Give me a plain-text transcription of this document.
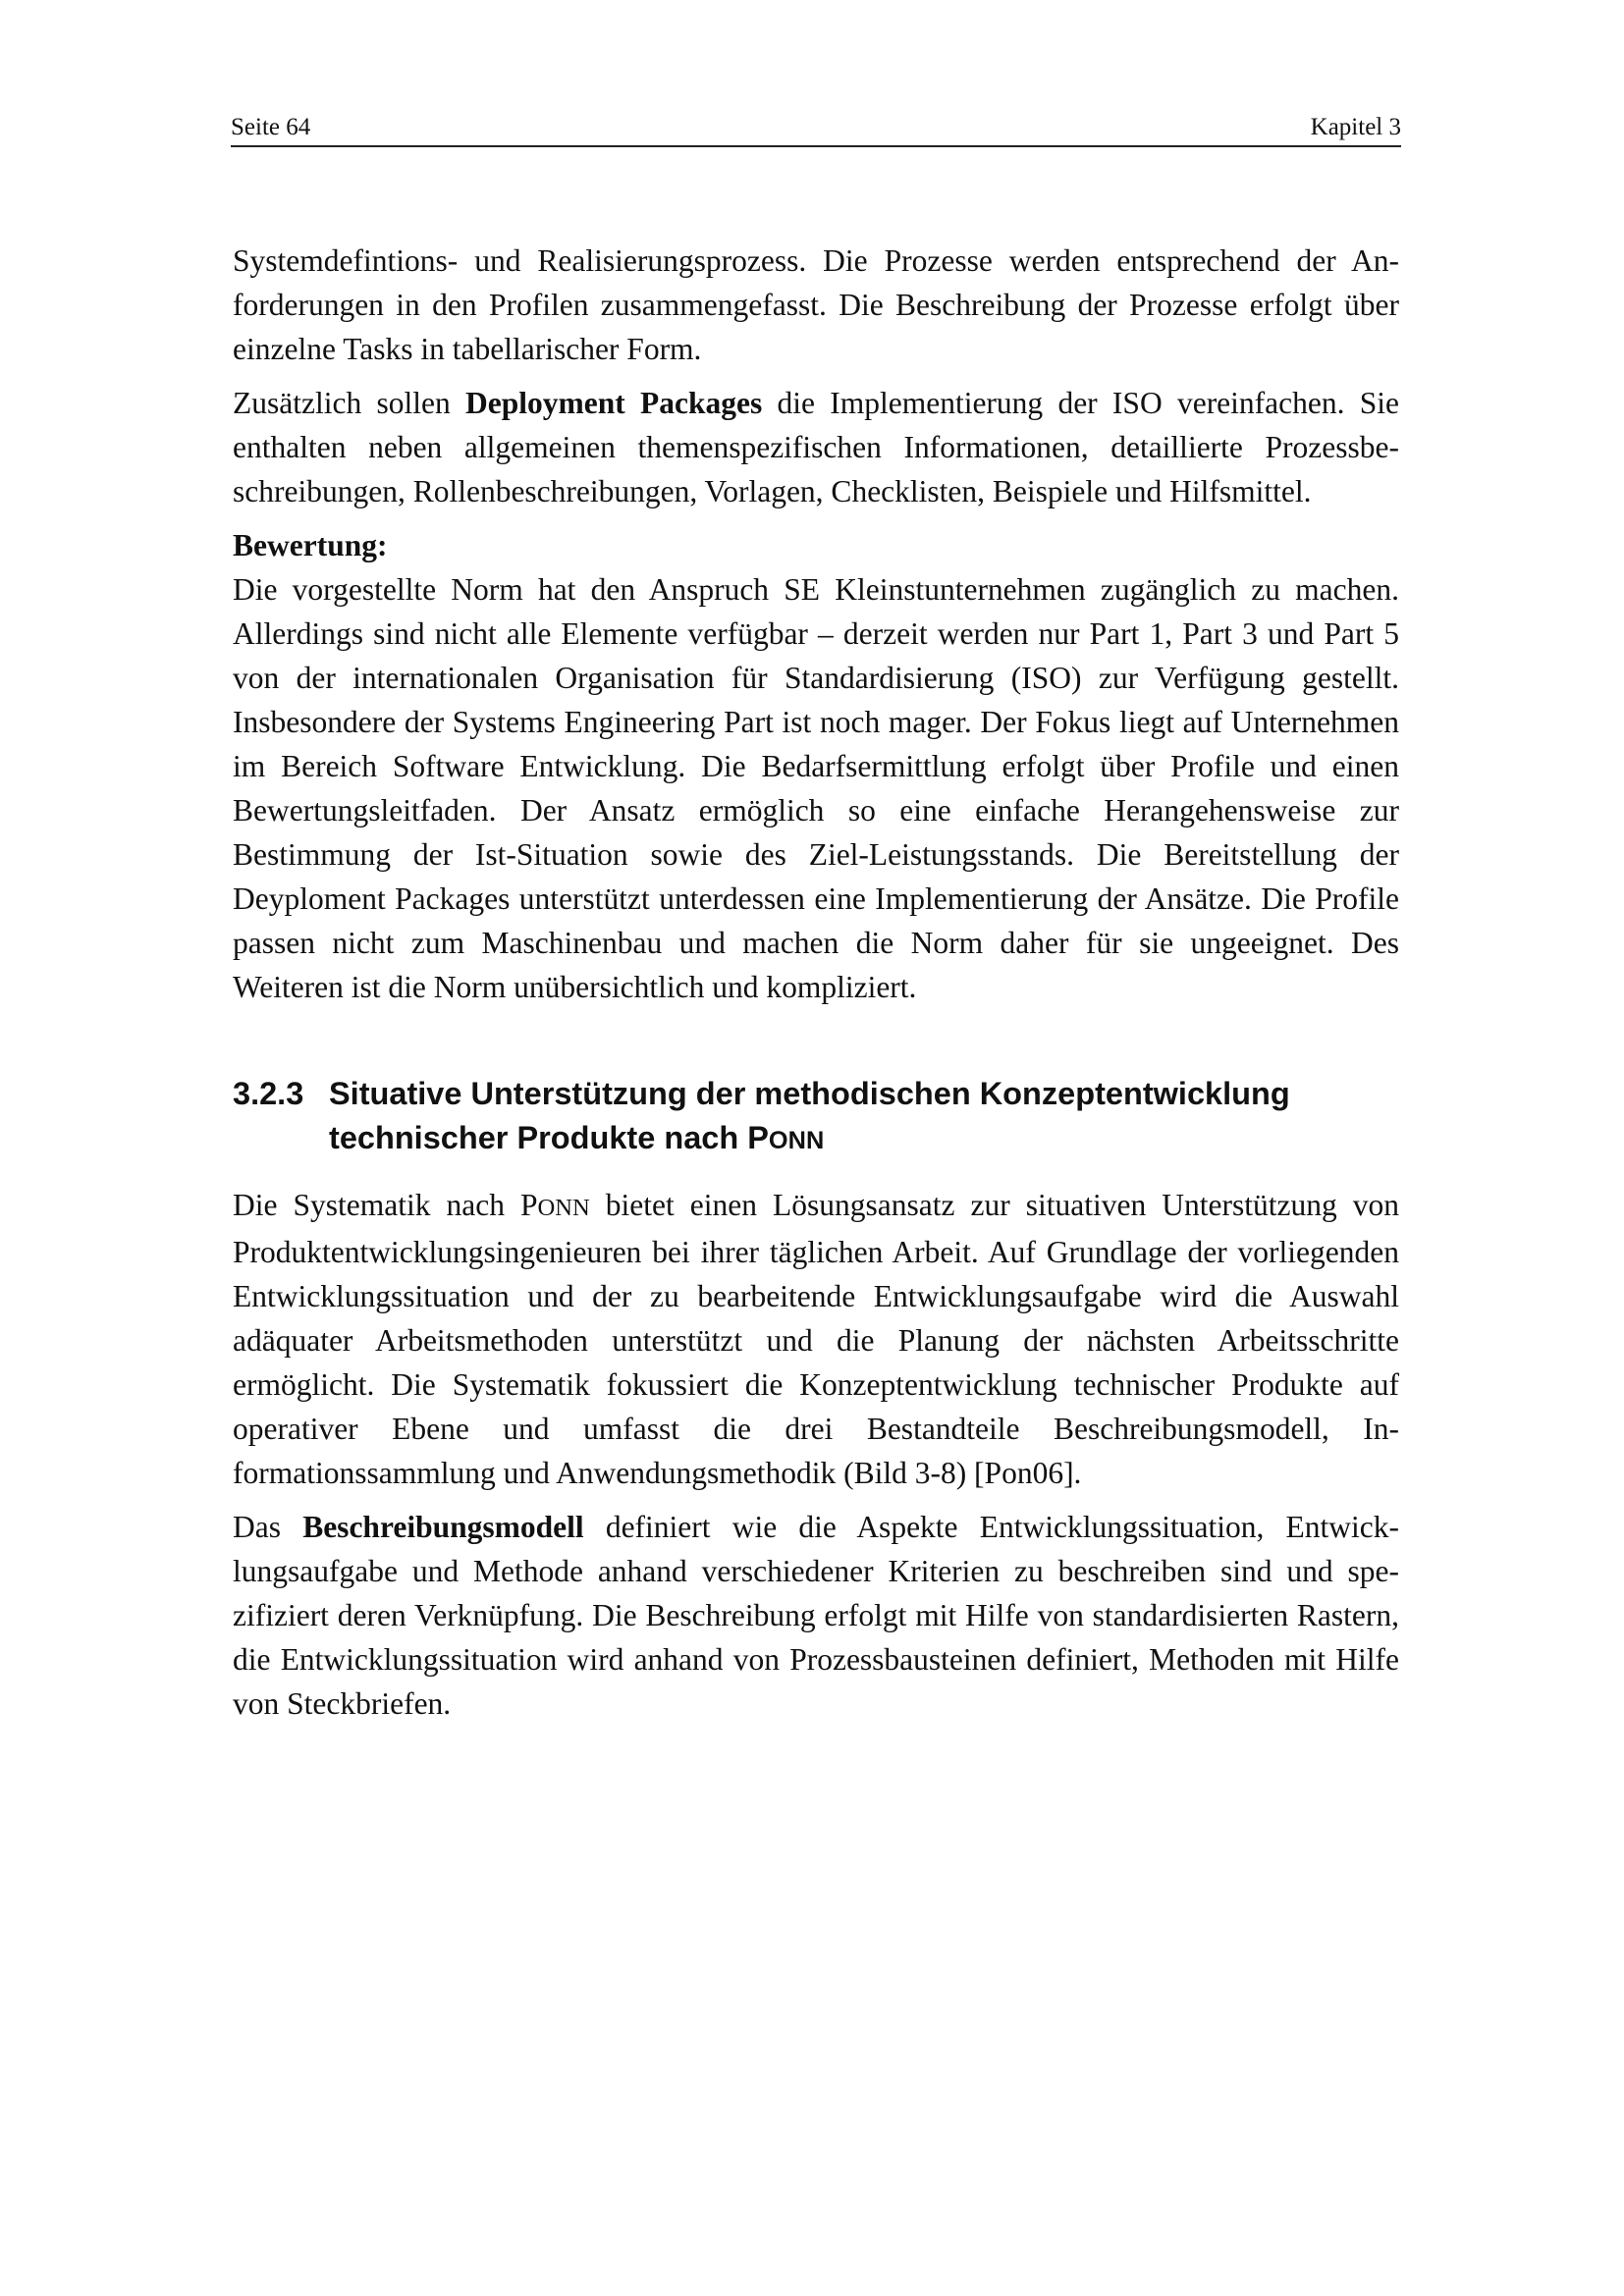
Seite 64	Kapitel 3

Systemdefintions- und Realisierungsprozess. Die Prozesse werden entsprechend der Anforderungen in den Profilen zusammengefasst. Die Beschreibung der Prozesse erfolgt über einzelne Tasks in tabellarischer Form.

Zusätzlich sollen Deployment Packages die Implementierung der ISO vereinfachen. Sie enthalten neben allgemeinen themenspezifischen Informationen, detaillierte Prozessbeschreibungen, Rollenbeschreibungen, Vorlagen, Checklisten, Beispiele und Hilfsmittel.

Bewertung:

Die vorgestellte Norm hat den Anspruch SE Kleinstunternehmen zugänglich zu machen. Allerdings sind nicht alle Elemente verfügbar – derzeit werden nur Part 1, Part 3 und Part 5 von der internationalen Organisation für Standardisierung (ISO) zur Verfügung gestellt. Insbesondere der Systems Engineering Part ist noch mager. Der Fokus liegt auf Unternehmen im Bereich Software Entwicklung. Die Bedarfsermittlung erfolgt über Profile und einen Bewertungsleitfaden. Der Ansatz ermöglich so eine einfache Herangehensweise zur Bestimmung der Ist-Situation sowie des Ziel-Leistungsstands. Die Bereitstellung der Deyploment Packages unterstützt unterdessen eine Implementierung der Ansätze. Die Profile passen nicht zum Maschinenbau und machen die Norm daher für sie ungeeignet. Des Weiteren ist die Norm unübersichtlich und kompliziert.

3.2.3 Situative Unterstützung der methodischen Konzeptentwicklung
technischer Produkte nach PONN

Die Systematik nach PONN bietet einen Lösungsansatz zur situativen Unterstützung von Produktentwicklungsingenieuren bei ihrer täglichen Arbeit. Auf Grundlage der vorliegenden Entwicklungssituation und der zu bearbeitende Entwicklungsaufgabe wird die Auswahl adäquater Arbeitsmethoden unterstützt und die Planung der nächsten Arbeitsschritte ermöglicht. Die Systematik fokussiert die Konzeptentwicklung technischer Produkte auf operativer Ebene und umfasst die drei Bestandteile Beschreibungsmodell, Informationssammlung und Anwendungsmethodik (Bild 3-8) [Pon06].

Das Beschreibungsmodell definiert wie die Aspekte Entwicklungssituation, Entwicklungsaufgabe und Methode anhand verschiedener Kriterien zu beschreiben sind und spezifiziert deren Verknüpfung. Die Beschreibung erfolgt mit Hilfe von standardisierten Rastern, die Entwicklungssituation wird anhand von Prozessbausteinen definiert, Methoden mit Hilfe von Steckbriefen.
